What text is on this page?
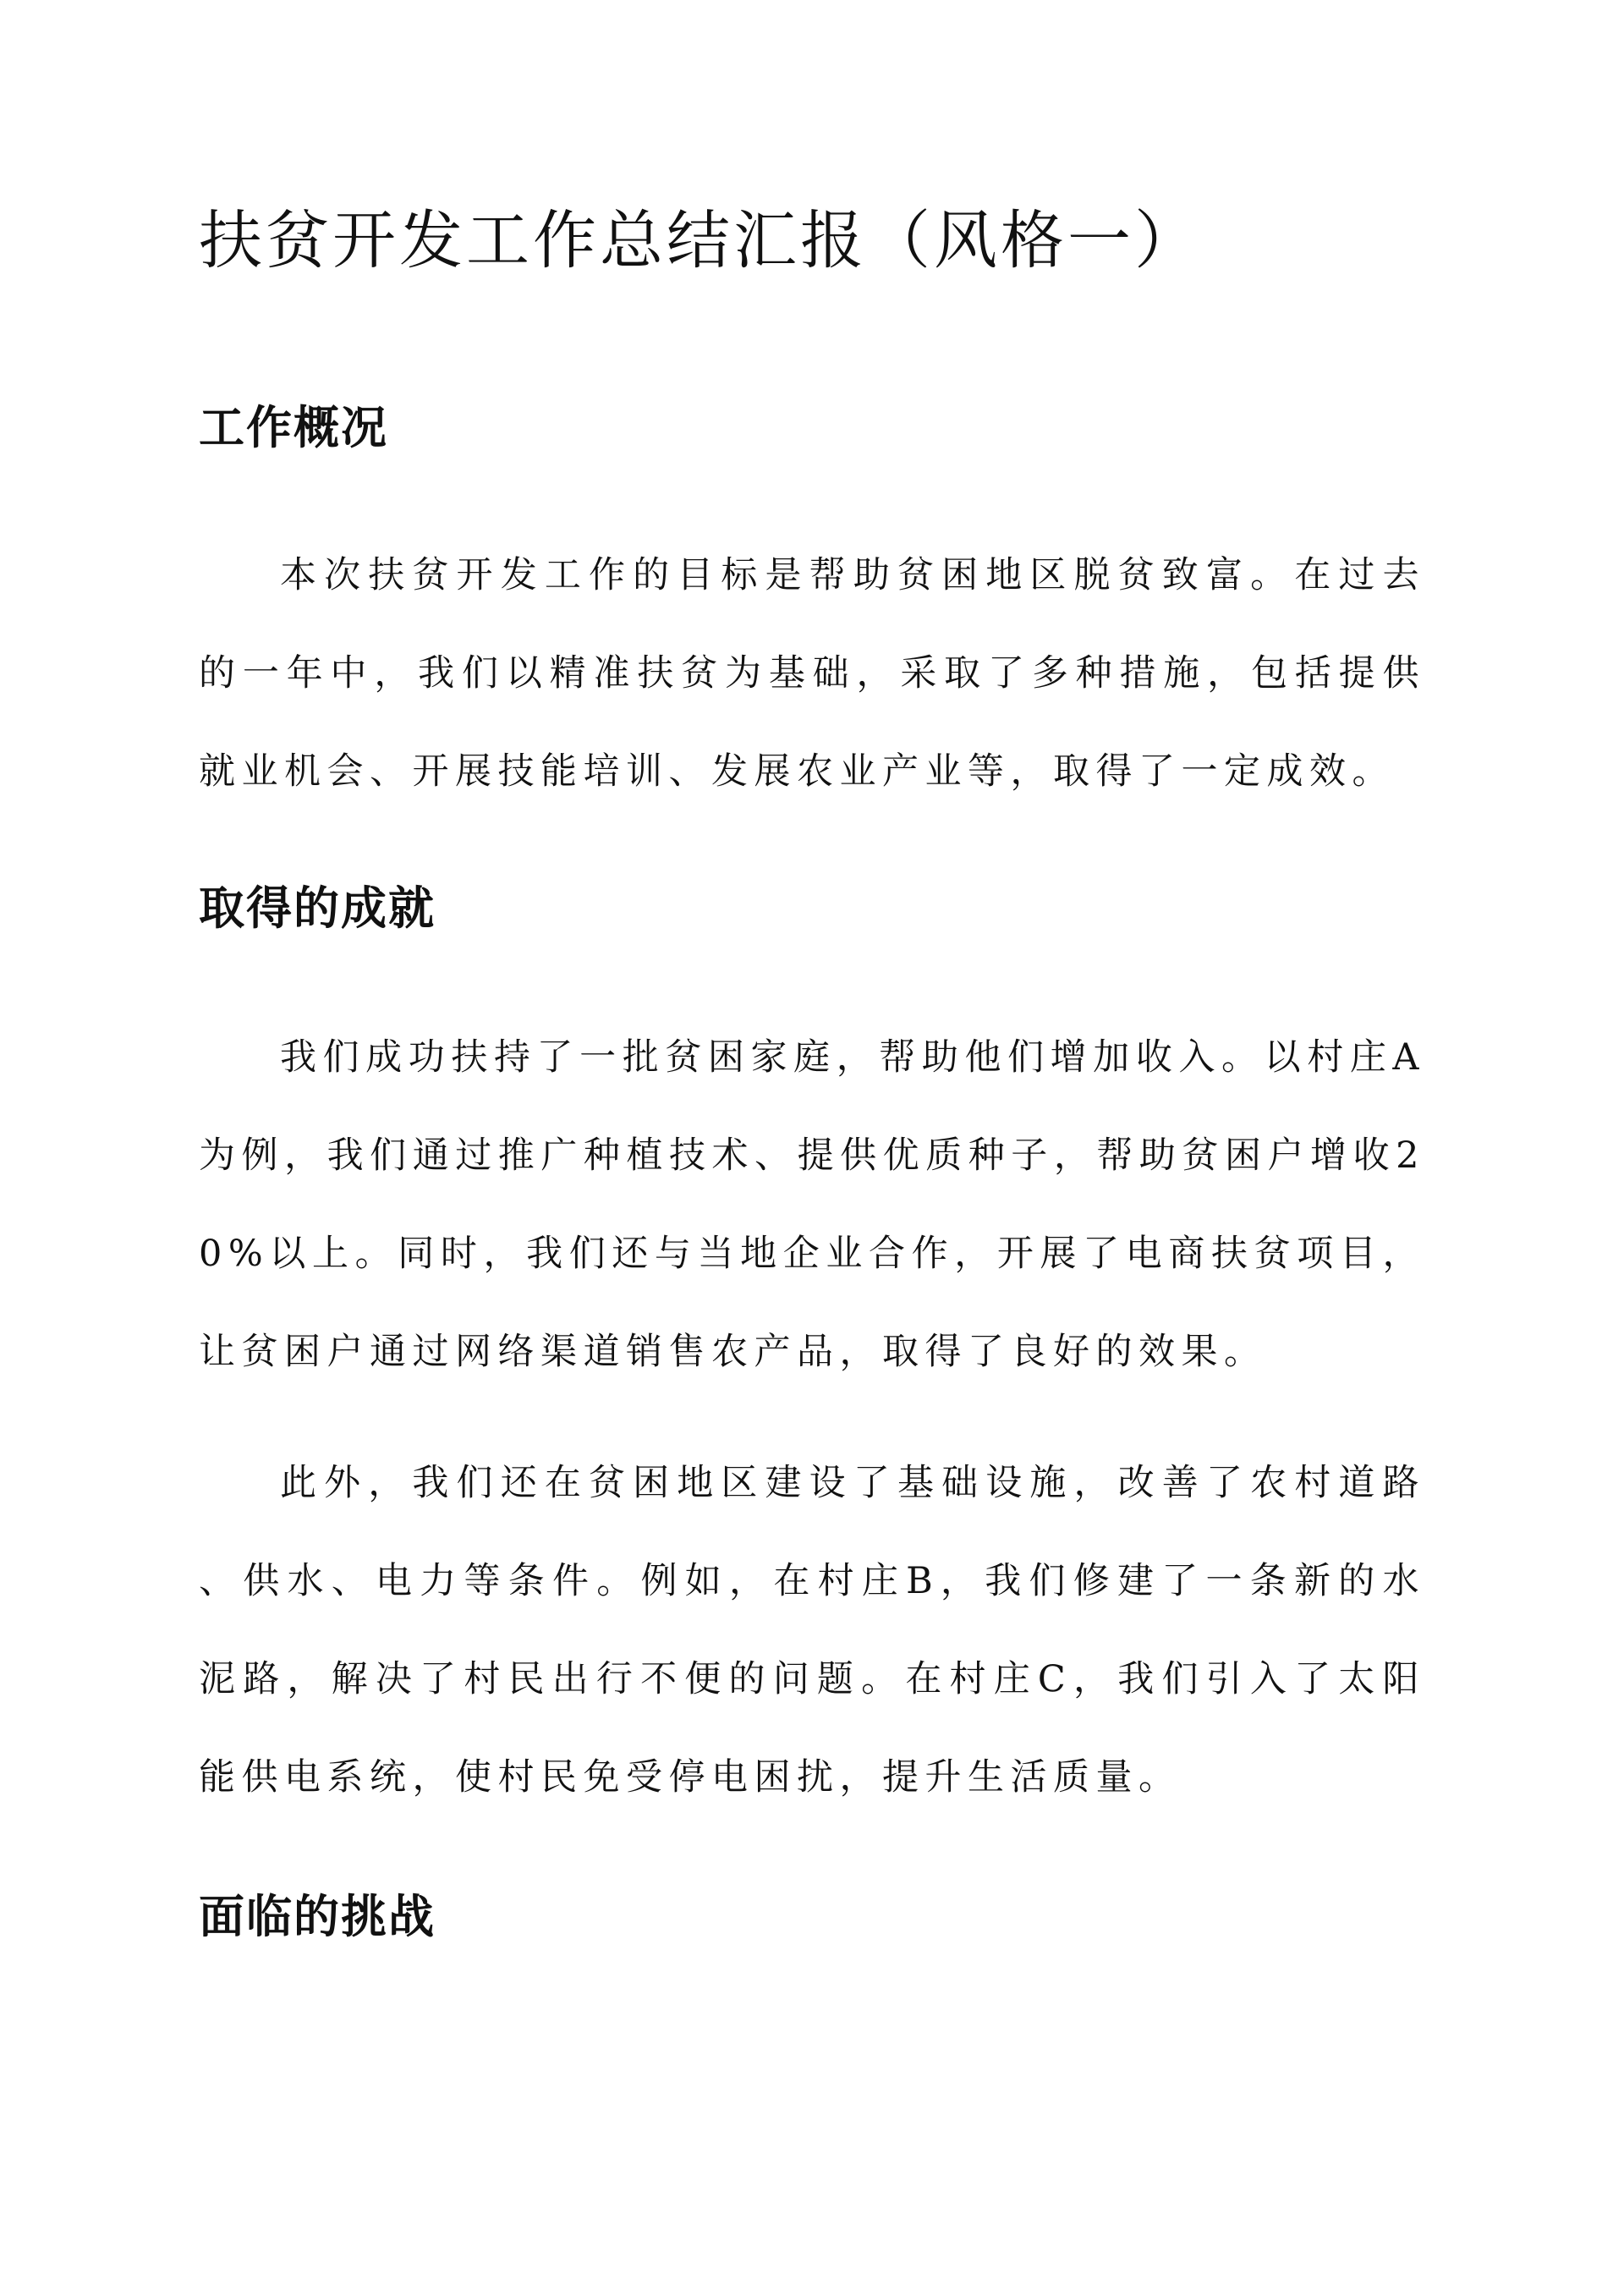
扶贫开发工作总结汇报（风格一）
工作概况

本次扶贫开发工作的目标是帮助贫困地区脱贫致富。在过去的一年中，我们以精准扶贫为基础，采取了多种措施，包括提供就业机会、开展技能培训、发展农业产业等，取得了一定成效。

取得的成就

我们成功扶持了一批贫困家庭，帮助他们增加收入。以村庄A为例，我们通过推广种植技术、提供优质种子，帮助贫困户增收20%以上。同时，我们还与当地企业合作，开展了电商扶贫项目，让贫困户通过网络渠道销售农产品，取得了良好的效果。

此外，我们还在贫困地区建设了基础设施，改善了农村道路、供水、电力等条件。例如，在村庄B，我们修建了一条新的水泥路，解决了村民出行不便的问题。在村庄C，我们引入了太阳能供电系统，使村民免受停电困扰，提升生活质量。

面临的挑战
